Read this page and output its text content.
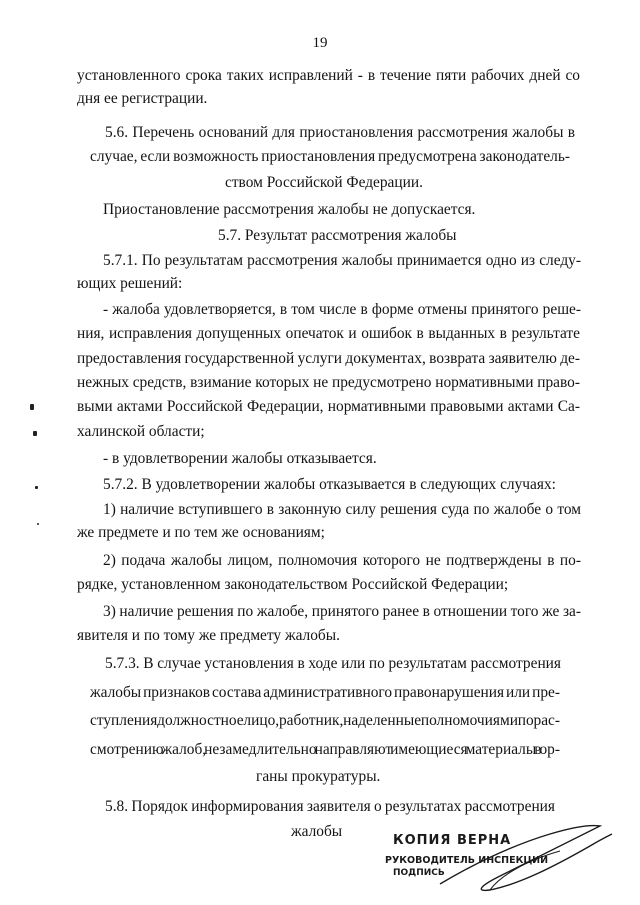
19
установленного срока таких исправлений - в течение пяти рабочих дней со
дня ее регистрации.
5.6. Перечень оснований для приостановления рассмотрения жалобы в
случае, если возможность приостановления предусмотрена законодатель-
ством Российской Федерации.
Приостановление рассмотрения жалобы не допускается.
5.7. Результат рассмотрения жалобы
5.7.1. По результатам рассмотрения жалобы принимается одно из следу-
ющих решений:
- жалоба удовлетворяется, в том числе в форме отмены принятого реше-
ния, исправления допущенных опечаток и ошибок в выданных в результате
предоставления государственной услуги документах, возврата заявителю де-
нежных средств, взимание которых не предусмотрено нормативными право-
выми актами Российской Федерации, нормативными правовыми актами Са-
халинской области;
- в удовлетворении жалобы отказывается.
5.7.2. В удовлетворении жалобы отказывается в следующих случаях:
1) наличие вступившего в законную силу решения суда по жалобе о том
же предмете и по тем же основаниям;
2) подача жалобы лицом, полномочия которого не подтверждены в по-
рядке, установленном законодательством Российской Федерации;
3) наличие решения по жалобе, принятого ранее в отношении того же за-
явителя и по тому же предмету жалобы.
5.7.3. В случае установления в ходе или по результатам рассмотрения
жалобы признаков состава административного правонарушения или пре-
ступления должностное лицо, работник, наделенные полномочиями по рас-
смотрению жалоб, незамедлительно направляют имеющиеся материалы в ор-
ганы прокуратуры.
5.8. Порядок информирования заявителя о результатах рассмотрения
жалобы
КОПИЯ ВЕРНА
РУКОВОДИТЕЛЬ ИНСПЕКЦИИ
ПОДПИСЬ
